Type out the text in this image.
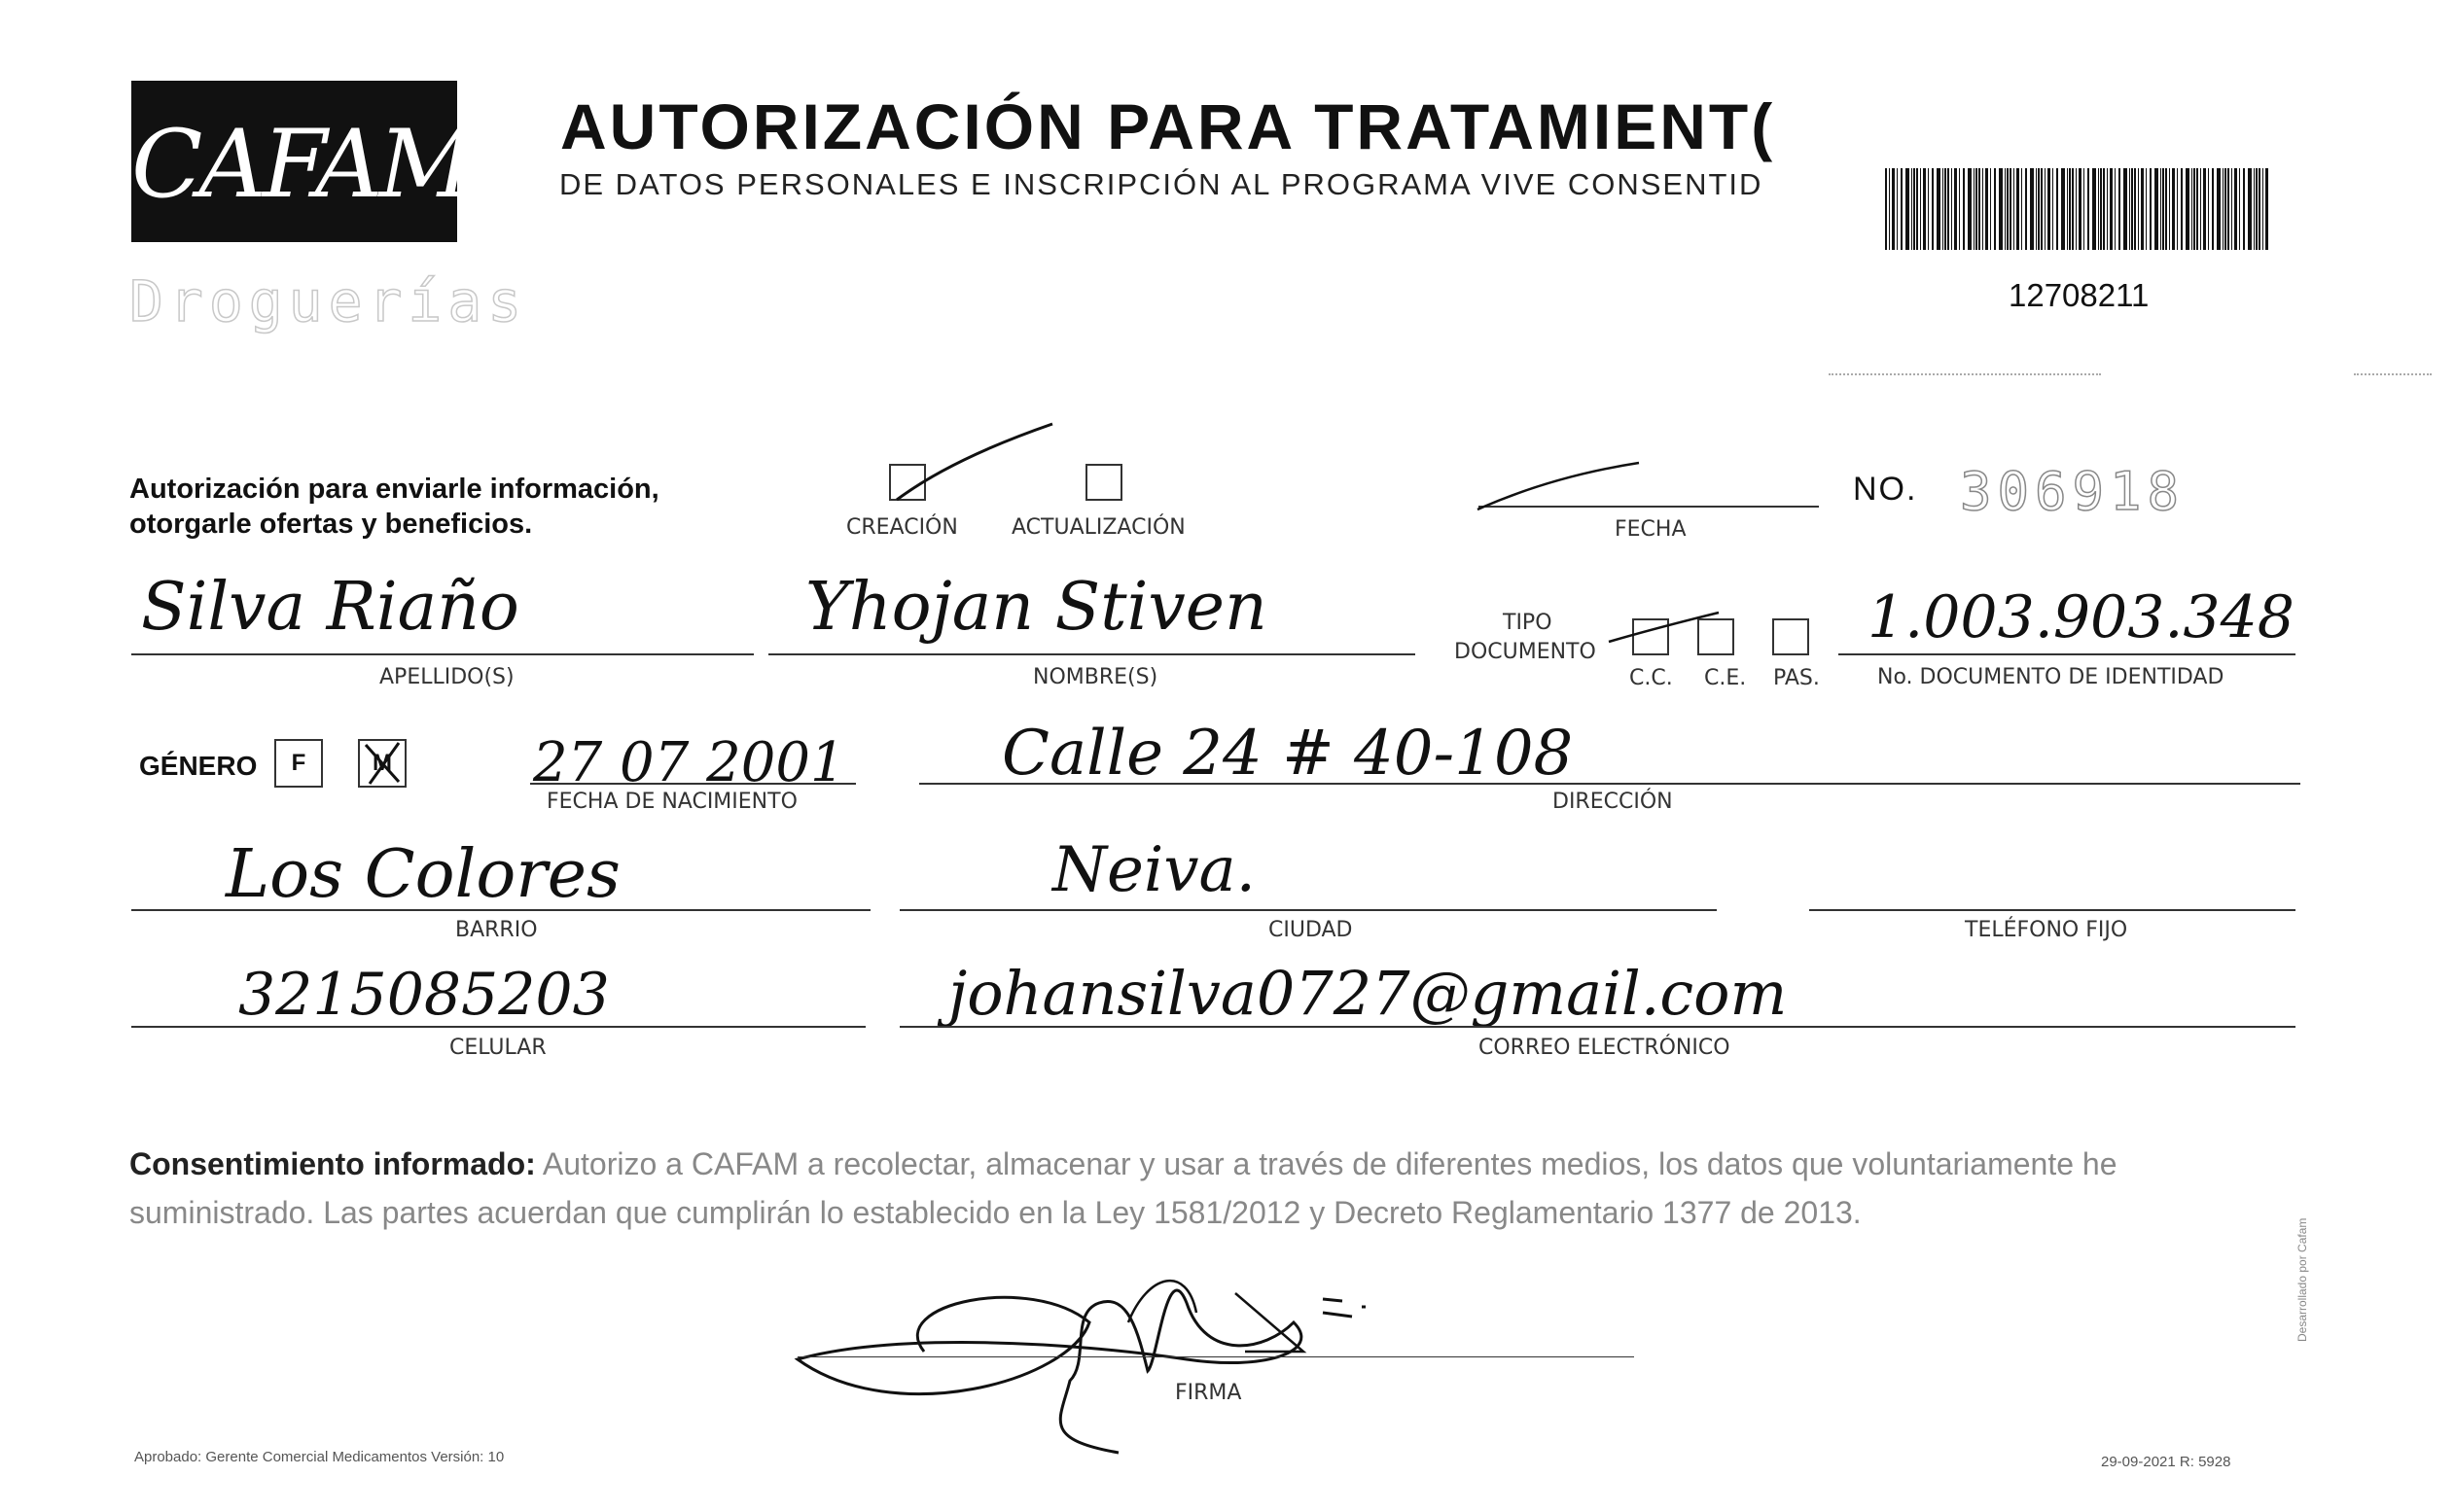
CAFAM
Droguerías
AUTORIZACIÓN PARA TRATAMIENT(
DE DATOS PERSONALES E INSCRIPCIÓN AL PROGRAMA VIVE CONSENTID
12708211
Autorización para enviarle información,
otorgarle ofertas y beneficios.	CREACIÓN	ACTUALIZACIÓN	FECHA
NO. 306918
Silva Riaño
APELLIDO(S)
Yhojan Stiven
NOMBRE(S)
TIPO
DOCUMENTO
C.C. C.E. PAS.
1.003.903.348
No. DOCUMENTO DE IDENTIDAD
GÉNERO	F	M	27 07 2001
FECHA DE NACIMIENTO
Calle 24 # 40-108
DIRECCIÓN
Los Colores
BARRIO
Neiva.
CIUDAD	TELÉFONO FIJO
3215085203
CELULAR
johansilva0727@gmail.com
CORREO ELECTRÓNICO
Consentimiento informado: Autorizo a CAFAM a recolectar, almacenar y usar a través de diferentes medios, los datos que voluntariamente he suministrado. Las partes acuerdan que cumplirán lo establecido en la Ley 1581/2012 y Decreto Reglamentario 1377 de 2013.
FIRMA
Aprobado: Gerente Comercial Medicamentos Versión: 10	29-09-2021 R: 5928
Desarrollado por Cafam
